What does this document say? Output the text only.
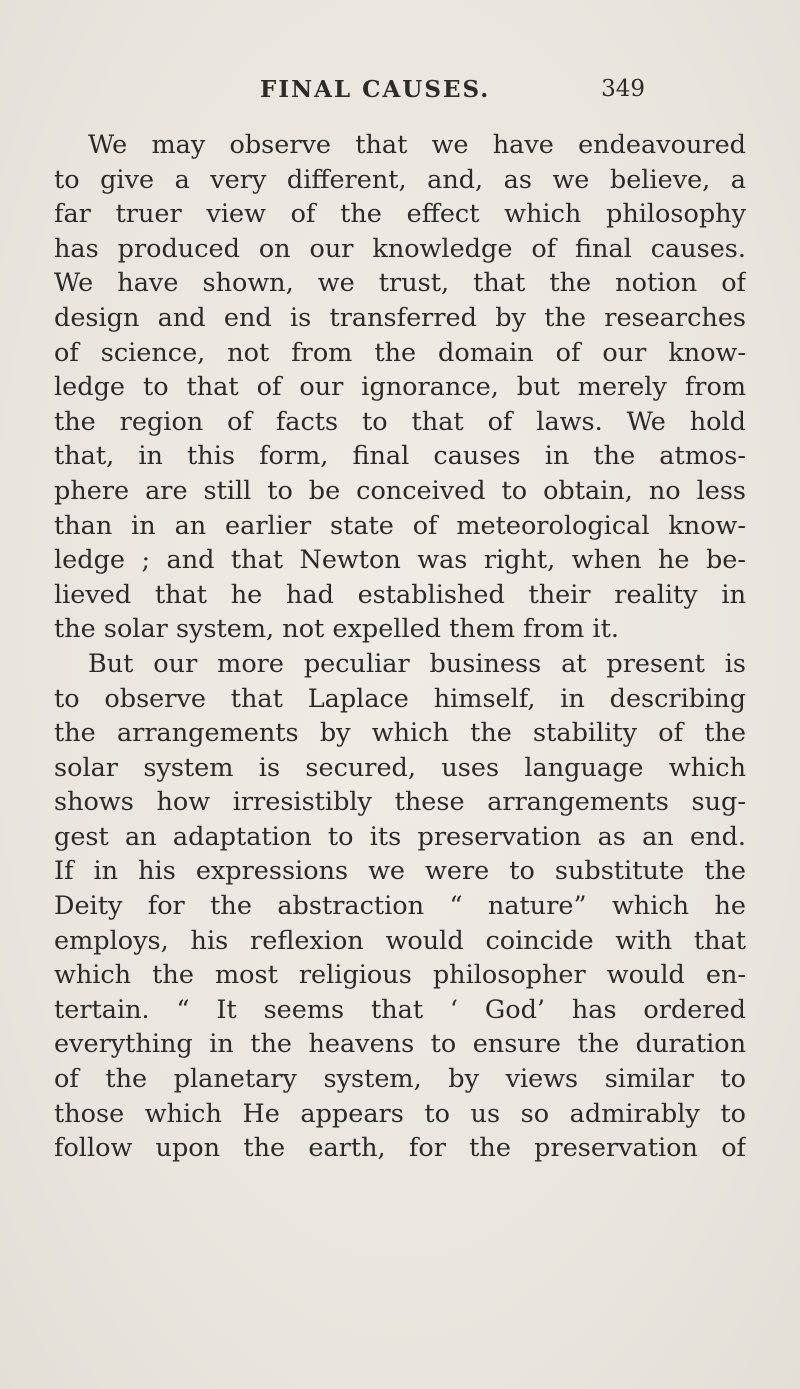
FINAL CAUSES.	349
We may observe that we have endeavoured
to give a very different, and, as we believe, a
far truer view of the effect which philosophy
has produced on our knowledge of final causes.
We have shown, we trust, that the notion of
design and end is transferred by the researches
of science, not from the domain of our know-
ledge to that of our ignorance, but merely from
the region of facts to that of laws. We hold
that, in this form, final causes in the atmos-
phere are still to be conceived to obtain, no less
than in an earlier state of meteorological know-
ledge ; and that Newton was right, when he be-
lieved that he had established their reality in
the solar system, not expelled them from it.
But our more peculiar business at present is
to observe that Laplace himself, in describing
the arrangements by which the stability of the
solar system is secured, uses language which
shows how irresistibly these arrangements sug-
gest an adaptation to its preservation as an end.
If in his expressions we were to substitute the
Deity for the abstraction “ nature” which he
employs, his reflexion would coincide with that
which the most religious philosopher would en-
tertain. “ It seems that ‘ God’ has ordered
everything in the heavens to ensure the duration
of the planetary system, by views similar to
those which He appears to us so admirably to
follow upon the earth, for the preservation of
